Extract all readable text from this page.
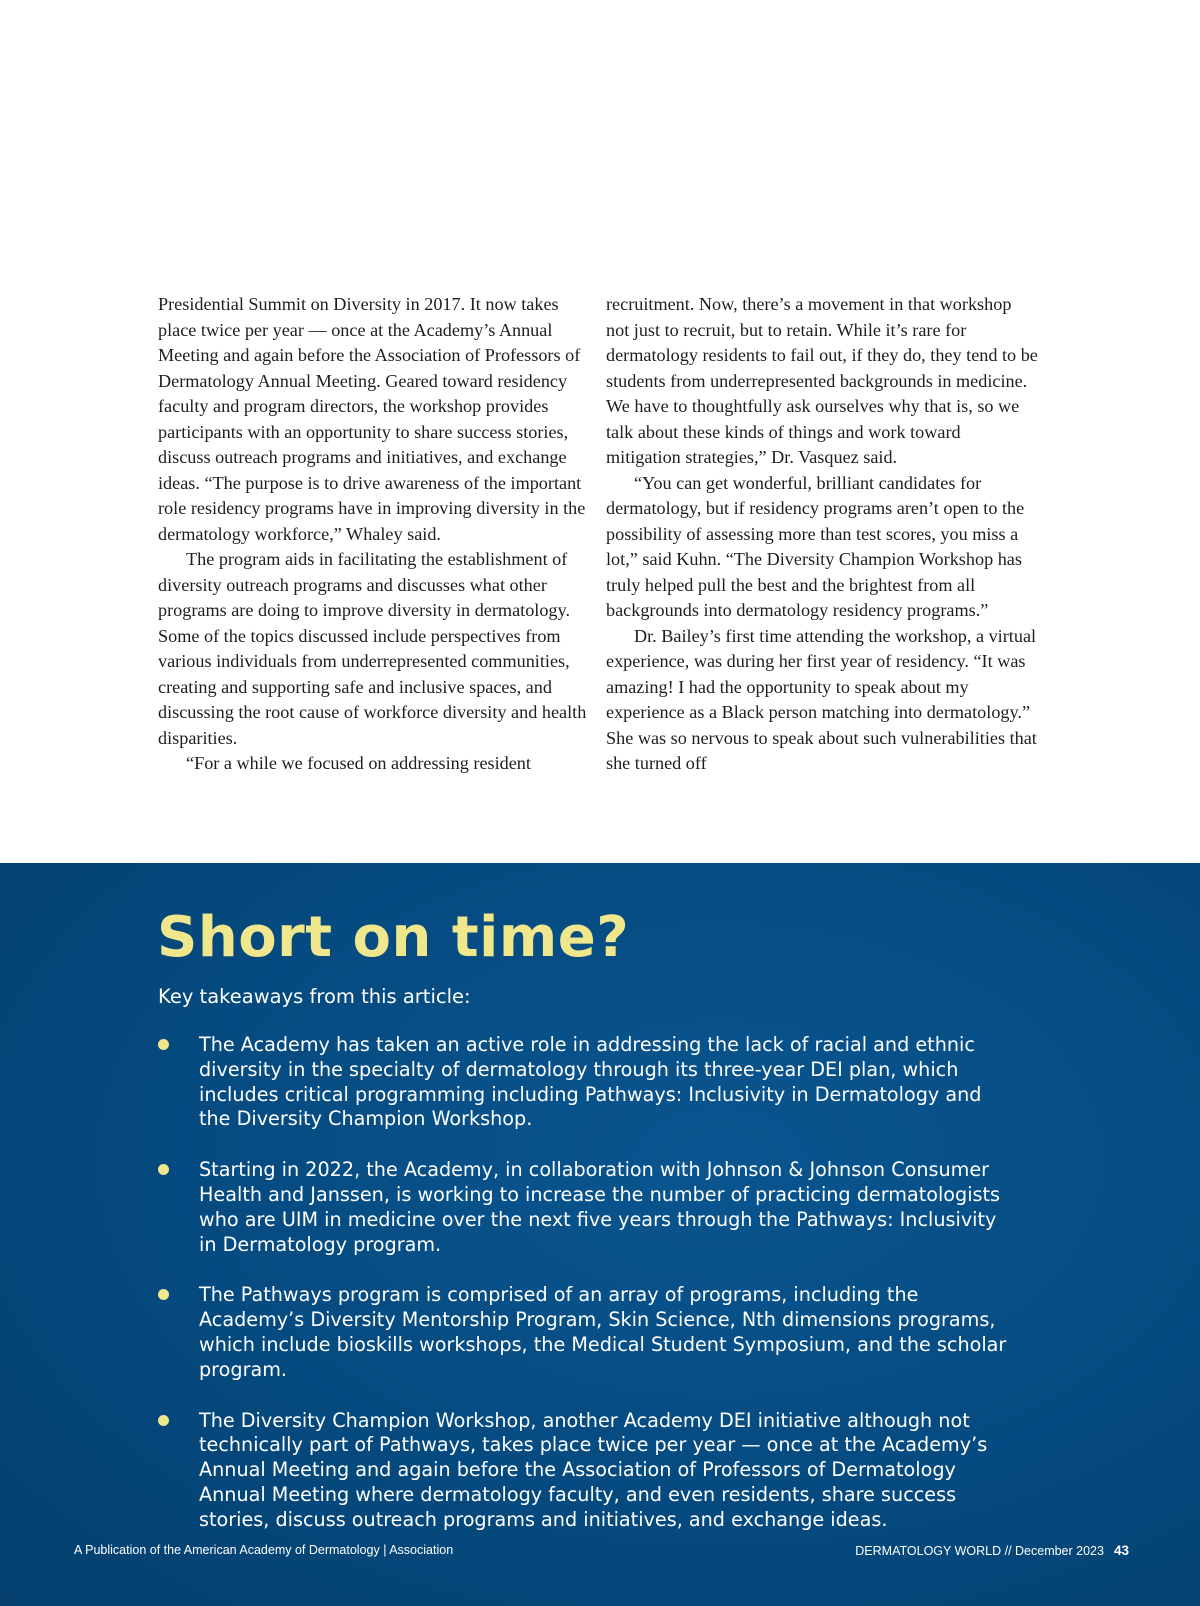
Presidential Summit on Diversity in 2017. It now takes place twice per year — once at the Academy’s Annual Meeting and again before the Association of Professors of Dermatology Annual Meeting. Geared toward residency faculty and program directors, the workshop provides participants with an opportunity to share success stories, discuss outreach programs and initiatives, and exchange ideas. “The purpose is to drive awareness of the important role residency programs have in improving diversity in the dermatology workforce,” Whaley said.

The program aids in facilitating the establishment of diversity outreach programs and discusses what other programs are doing to improve diversity in dermatology. Some of the topics discussed include perspectives from various individuals from underrepresented communities, creating and supporting safe and inclusive spaces, and discussing the root cause of workforce diversity and health disparities.

“For a while we focused on addressing resident

recruitment. Now, there’s a movement in that workshop not just to recruit, but to retain. While it’s rare for dermatology residents to fail out, if they do, they tend to be students from underrepresented backgrounds in medicine. We have to thoughtfully ask ourselves why that is, so we talk about these kinds of things and work toward mitigation strategies,” Dr. Vasquez said.

“You can get wonderful, brilliant candidates for dermatology, but if residency programs aren’t open to the possibility of assessing more than test scores, you miss a lot,” said Kuhn. “The Diversity Champion Workshop has truly helped pull the best and the brightest from all backgrounds into dermatology residency programs.”

Dr. Bailey’s first time attending the workshop, a virtual experience, was during her first year of residency. “It was amazing! I had the opportunity to speak about my experience as a Black person matching into dermatology.” She was so nervous to speak about such vulnerabilities that she turned off

Short on time?

Key takeaways from this article:

The Academy has taken an active role in addressing the lack of racial and ethnic diversity in the specialty of dermatology through its three-year DEI plan, which includes critical programming including Pathways: Inclusivity in Dermatology and the Diversity Champion Workshop.
Starting in 2022, the Academy, in collaboration with Johnson & Johnson Consumer Health and Janssen, is working to increase the number of practicing dermatologists who are UIM in medicine over the next five years through the Pathways: Inclusivity in Dermatology program.
The Pathways program is comprised of an array of programs, including the Academy’s Diversity Mentorship Program, Skin Science, Nth dimensions programs, which include bioskills workshops, the Medical Student Symposium, and the scholar program.
The Diversity Champion Workshop, another Academy DEI initiative although not technically part of Pathways, takes place twice per year — once at the Academy’s Annual Meeting and again before the Association of Professors of Dermatology Annual Meeting where dermatology faculty, and even residents, share success stories, discuss outreach programs and initiatives, and exchange ideas.
A Publication of the American Academy of Dermatology | Association	DERMATOLOGY WORLD // December 2023 43
